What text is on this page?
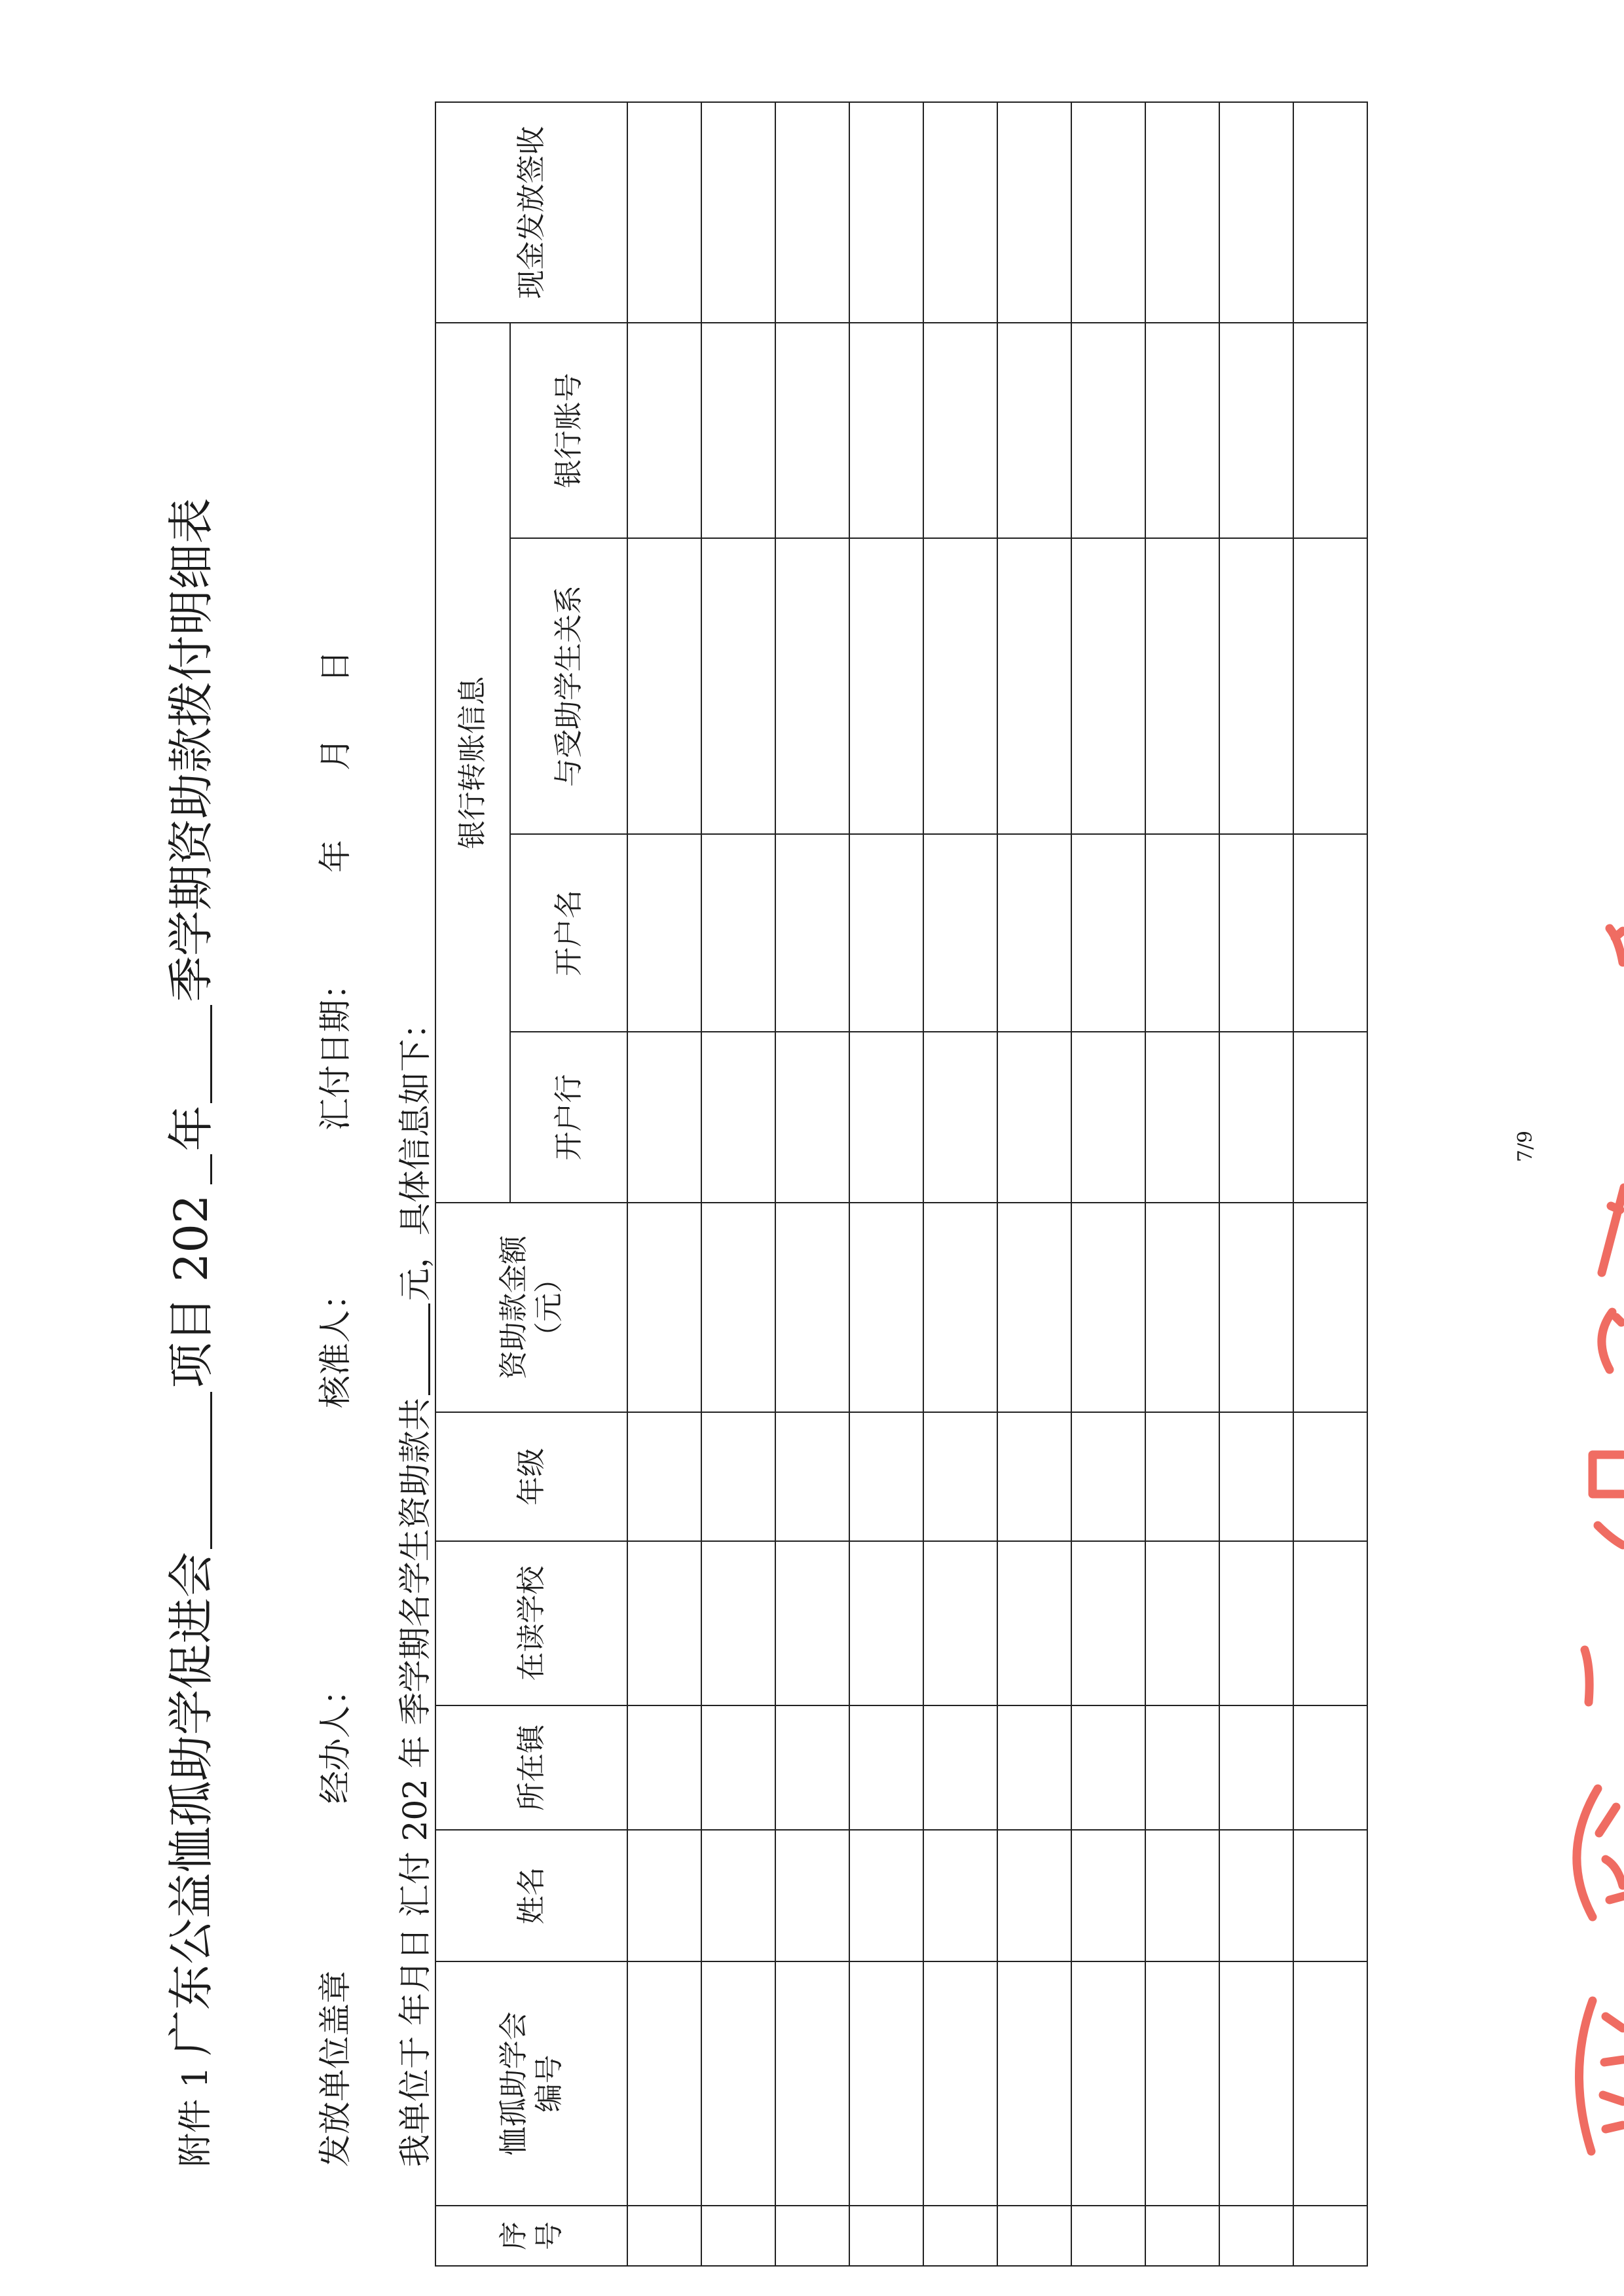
附件 1广东公益恤孤助学促进会项目 202年季学期资助款拨付明细表
发放单位盖章
经办人：
核准人：
汇付日期：
年
月
日
我单位于 年月日 汇付 202 年 季学期名学生资助款共元，具体信息如下：
序号	恤孤助学会编号	姓名	所在镇	在读学校	年级	资助款金额（元）	银行转账信息				现金发放签收
							开户行	开户名	与受助学生关系	银行账号	

7/9
